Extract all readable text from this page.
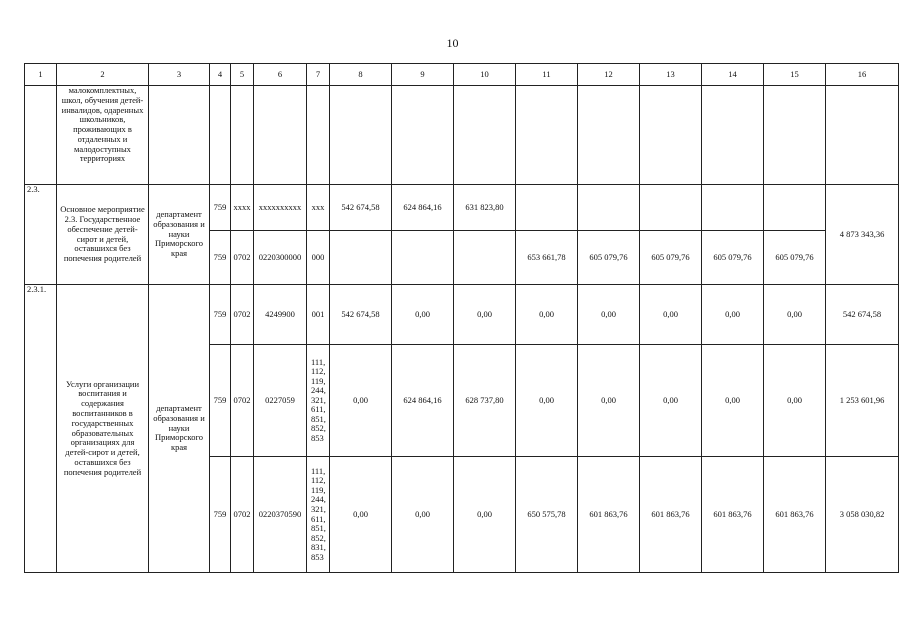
10
1	2	3	4	5	6	7	8	9	10	11	12	13	14	15	16
	малокомплектных, школ, обучения детей-инвалидов, одаренных школьников, проживающих в отдаленных и малодоступных территориях														
2.3.	Основное мероприятие 2.3. Государственное обеспечение детей-сирот и детей, оставшихся без попечения родителей	департамент образования и науки Приморского края	759	xxxx	xxxxxxxxxx	xxx	542 674,58	624 864,16	631 823,80						4 873 343,36
			759	0702	0220300000	000				653 661,78	605 079,76	605 079,76	605 079,76	605 079,76	
2.3.1.	Услуги организации воспитания и содержания воспитанников в государственных образовательных организациях для детей-сирот и детей, оставшихся без попечения родителей	департамент образования и науки Приморского края	759	0702	4249900	001	542 674,58	0,00	0,00	0,00	0,00	0,00	0,00	0,00	542 674,58
			759	0702	0227059	111, 112, 119, 244, 321, 611, 851, 852, 853	0,00	624 864,16	628 737,80	0,00	0,00	0,00	0,00	0,00	1 253 601,96
			759	0702	0220370590	111, 112, 119, 244, 321, 611, 851, 852, 831, 853	0,00	0,00	0,00	650 575,78	601 863,76	601 863,76	601 863,76	601 863,76	3 058 030,82
